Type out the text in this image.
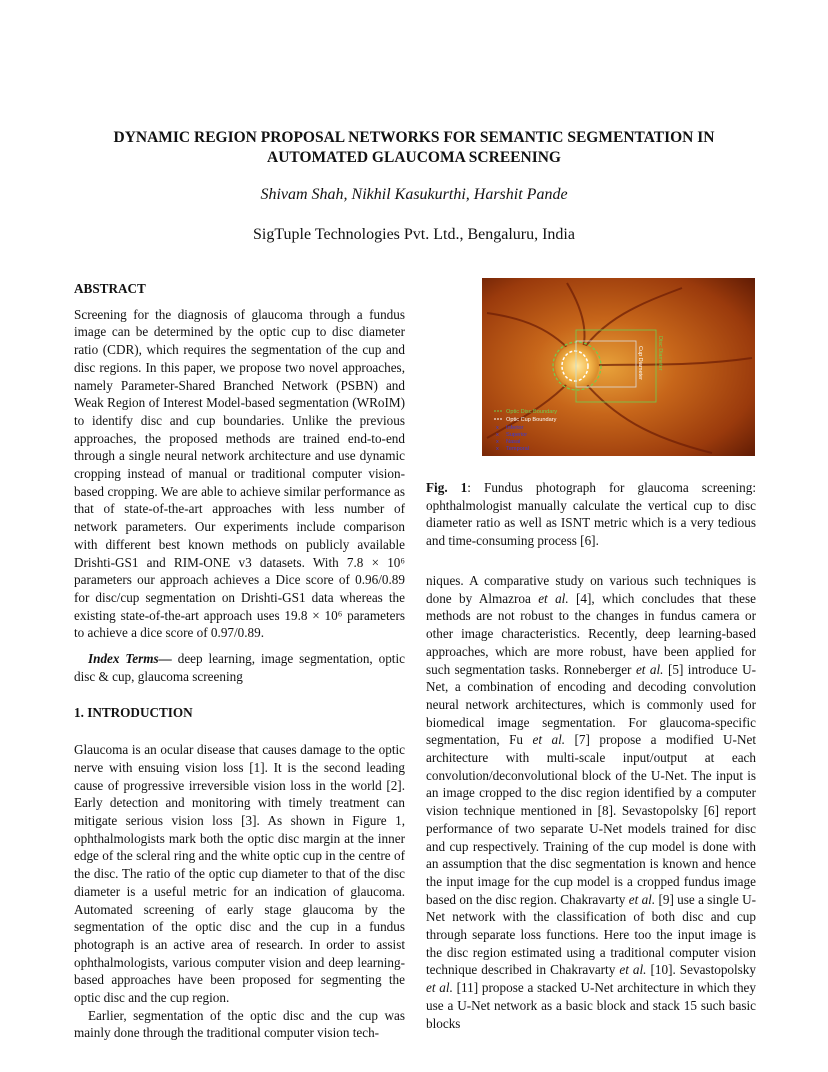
DYNAMIC REGION PROPOSAL NETWORKS FOR SEMANTIC SEGMENTATION IN
AUTOMATED GLAUCOMA SCREENING
Shivam Shah, Nikhil Kasukurthi, Harshit Pande
SigTuple Technologies Pvt. Ltd., Bengaluru, India

ABSTRACT

Screening for the diagnosis of glaucoma through a fundus image can be determined by the optic cup to disc diameter ratio (CDR), which requires the segmentation of the cup and disc regions. In this paper, we propose two novel approaches, namely Parameter-Shared Branched Network (PSBN) and Weak Region of Interest Model-based segmentation (WRoIM) to identify disc and cup boundaries. Unlike the previous approaches, the proposed methods are trained end-to-end through a single neural network architecture and use dynamic cropping instead of manual or traditional computer vision-based cropping. We are able to achieve similar performance as that of state-of-the-art approaches with less number of network parameters. Our experiments include comparison with different best known methods on publicly available Drishti-GS1 and RIM-ONE v3 datasets. With 7.8 × 10⁶ parameters our approach achieves a Dice score of 0.96/0.89 for disc/cup segmentation on Drishti-GS1 data whereas the existing state-of-the-art approach uses 19.8 × 10⁶ parameters to achieve a dice score of 0.97/0.89.

Index Terms— deep learning, image segmentation, optic disc & cup, glaucoma screening

1. INTRODUCTION

Glaucoma is an ocular disease that causes damage to the optic nerve with ensuing vision loss [1]. It is the second leading cause of progressive irreversible vision loss in the world [2]. Early detection and monitoring with timely treatment can mitigate serious vision loss [3]. As shown in Figure 1, ophthalmologists mark both the optic disc margin at the inner edge of the scleral ring and the white optic cup in the centre of the disc. The ratio of the optic cup diameter to that of the disc diameter is a useful metric for an indication of glaucoma. Automated screening of early stage glaucoma by the segmentation of the optic disc and the cup in a fundus photograph is an active area of research. In order to assist ophthalmologists, various computer vision and deep learning-based approaches have been proposed for segmenting the optic disc and the cup region.

Earlier, segmentation of the optic disc and the cup was mainly done through the traditional computer vision tech-

Cup Diameter	Disc Diameter
Optic Disc Boundary
Optic Cup Boundary
x Inferior
x Superior
x Nasal
x Temporal
Fig. 1: Fundus photograph for glaucoma screening: ophthalmologist manually calculate the vertical cup to disc diameter ratio as well as ISNT metric which is a very tedious and time-consuming process [6].
niques. A comparative study on various such techniques is done by Almazroa et al. [4], which concludes that these methods are not robust to the changes in fundus camera or other image characteristics. Recently, deep learning-based approaches, which are more robust, have been applied for such segmentation tasks. Ronneberger et al. [5] introduce U-Net, a combination of encoding and decoding convolution neural network architectures, which is commonly used for biomedical image segmentation. For glaucoma-specific segmentation, Fu et al. [7] propose a modified U-Net architecture with multi-scale input/output at each convolution/deconvolutional block of the U-Net. The input is an image cropped to the disc region identified by a computer vision technique mentioned in [8]. Sevastopolsky [6] report performance of two separate U-Net models trained for disc and cup respectively. Training of the cup model is done with an assumption that the disc segmentation is known and hence the input image for the cup model is a cropped fundus image based on the disc region. Chakravarty et al. [9] use a single U-Net network with the classification of both disc and cup through separate loss functions. Here too the input image is the disc region estimated using a traditional computer vision technique described in Chakravarty et al. [10]. Sevastopolsky et al. [11] propose a stacked U-Net architecture in which they use a U-Net network as a basic block and stack 15 such basic blocks
